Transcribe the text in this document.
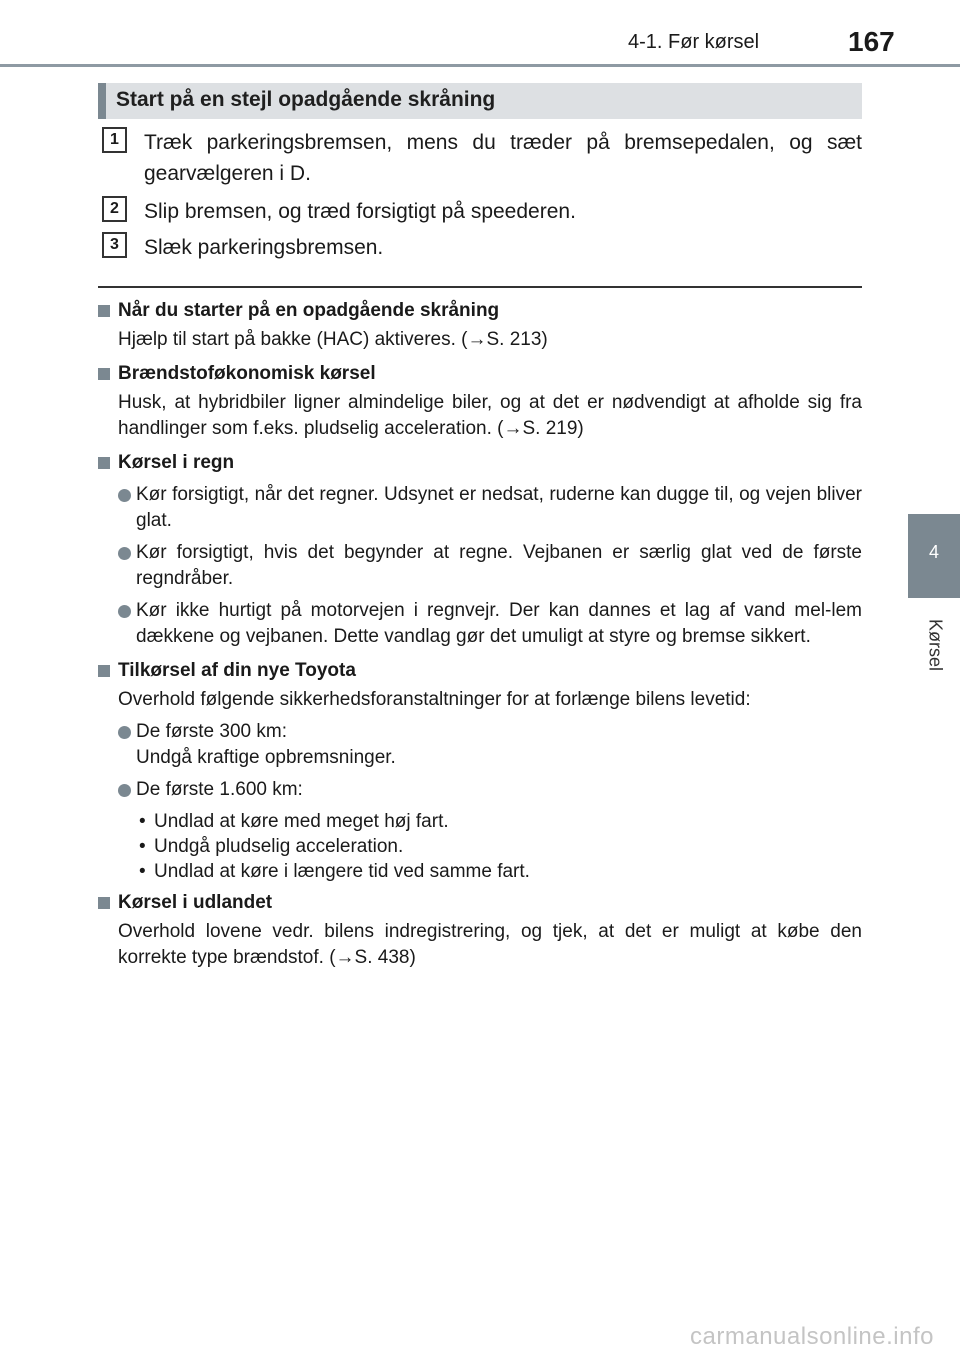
4-1. Før kørsel	167
4
Kørsel
Start på en stejl opadgående skråning
1	Træk parkeringsbremsen, mens du træder på bremsepedalen, og sæt gearvælgeren i D.
2	Slip bremsen, og træd forsigtigt på speederen.
3	Slæk parkeringsbremsen.
Når du starter på en opadgående skråning
Hjælp til start på bakke (HAC) aktiveres. (→S. 213)
Brændstoføkonomisk kørsel
Husk, at hybridbiler ligner almindelige biler, og at det er nødvendigt at afholde sig fra handlinger som f.eks. pludselig acceleration. (→S. 219)
Kørsel i regn
Kør forsigtigt, når det regner. Udsynet er nedsat, ruderne kan dugge til, og vejen bliver glat.
Kør forsigtigt, hvis det begynder at regne. Vejbanen er særlig glat ved de første regndråber.
Kør ikke hurtigt på motorvejen i regnvejr. Der kan dannes et lag af vand mel-lem dækkene og vejbanen. Dette vandlag gør det umuligt at styre og bremse sikkert.
Tilkørsel af din nye Toyota
Overhold følgende sikkerhedsforanstaltninger for at forlænge bilens levetid:
De første 300 km:
Undgå kraftige opbremsninger.
De første 1.600 km:
• Undlad at køre med meget høj fart.
• Undgå pludselig acceleration.
• Undlad at køre i længere tid ved samme fart.
Kørsel i udlandet
Overhold lovene vedr. bilens indregistrering, og tjek, at det er muligt at købe den korrekte type brændstof. (→S. 438)
carmanualsonline.info
